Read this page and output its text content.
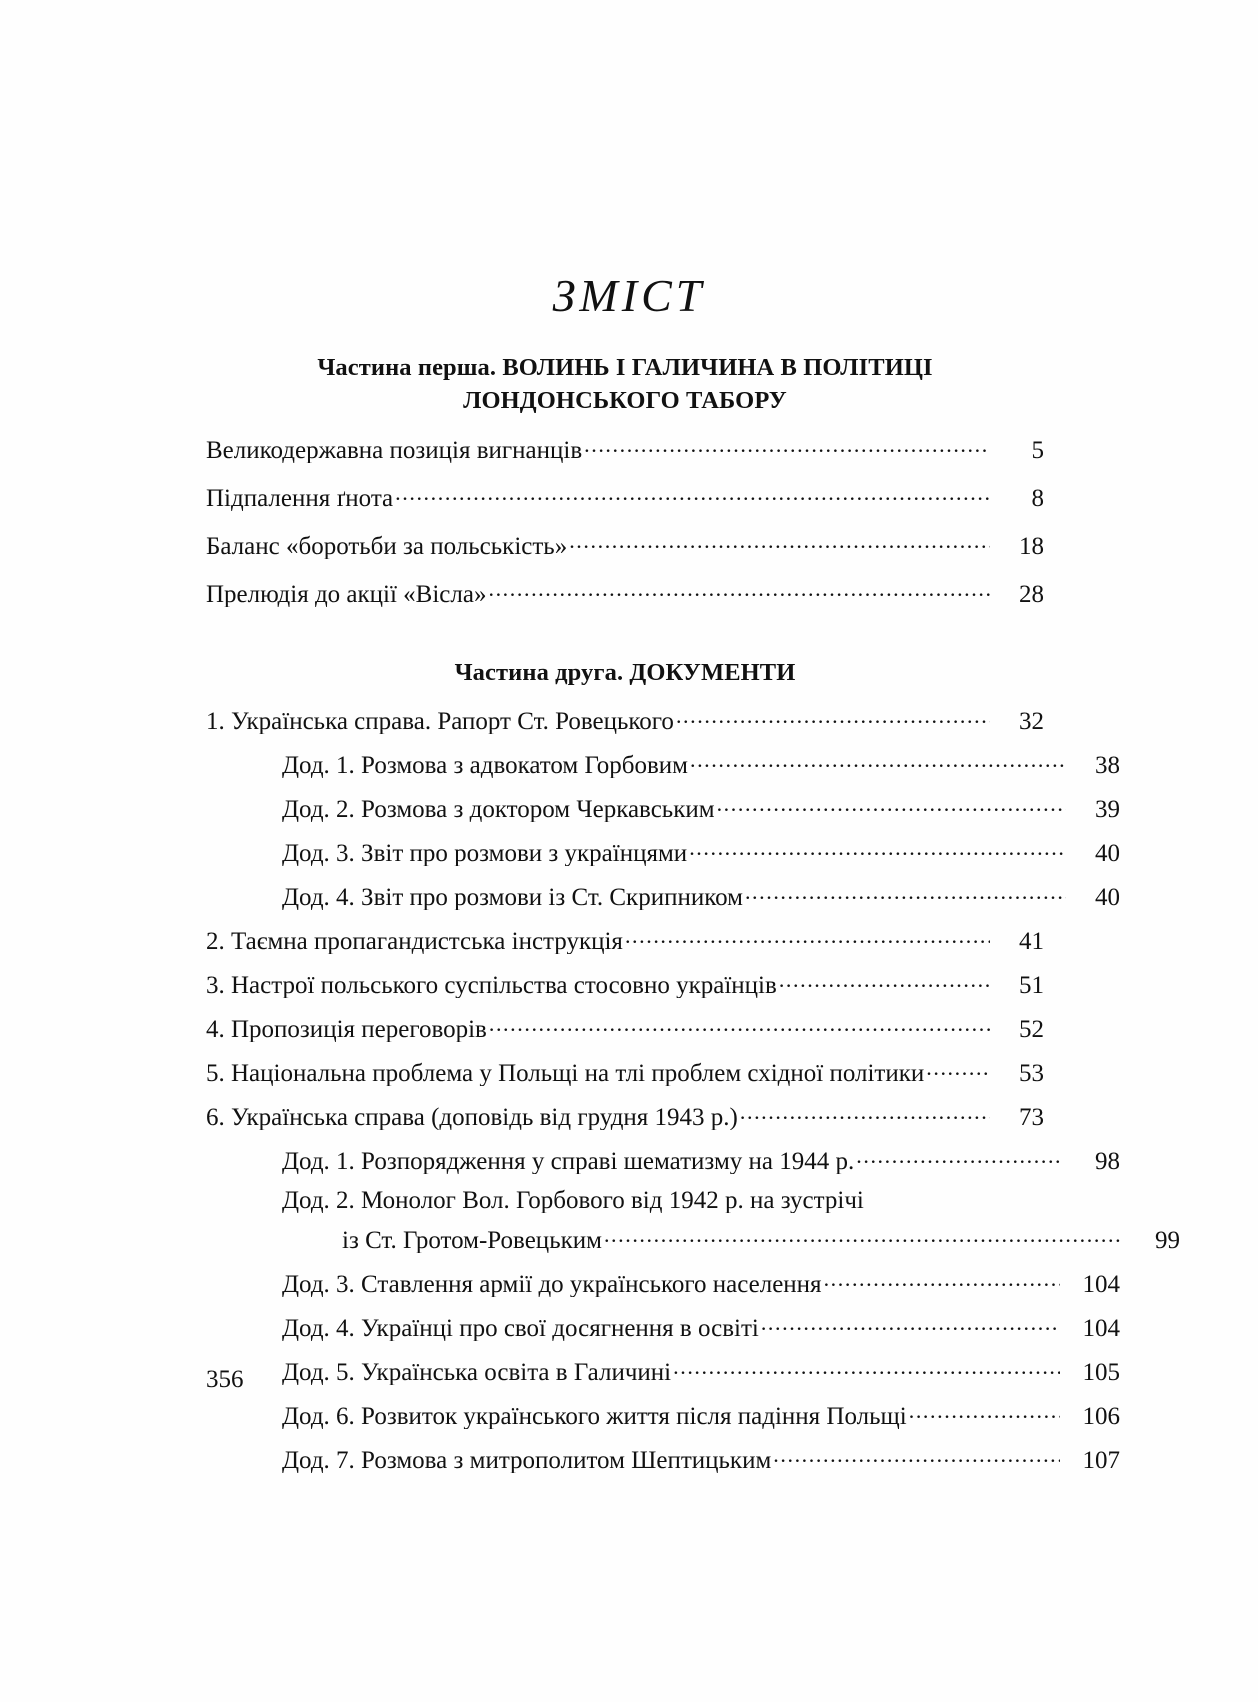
ЗМІСТ
Частина перша. ВОЛИНЬ І ГАЛИЧИНА В ПОЛІТИЦІ
ЛОНДОНСЬКОГО ТАБОРУ
Великодержавна позиція вигнанців .....	5
Підпалення ґнота .....	8
Баланс «боротьби за польськість» .....	18
Прелюдія до акції «Вісла» .....	28
Частина друга. ДОКУМЕНТИ
1. Українська справа. Рапорт Ст. Ровецького .....	32
Дод. 1. Розмова з адвокатом Горбовим .....	38
Дод. 2. Розмова з доктором Черкавським .....	39
Дод. 3. Звіт про розмови з українцями .....	40
Дод. 4. Звіт про розмови із Ст. Скрипником .....	40
2. Таємна пропагандистська інструкція .....	41
3. Настрої польського суспільства стосовно українців .....	51
4. Пропозиція переговорів .....	52
5. Національна проблема у Польщі на тлі проблем східної політики .....	53
6. Українська справа (доповідь від грудня 1943 р.) .....	73
Дод. 1. Розпорядження у справі шематизму на 1944 р. .....	98
Дод. 2. Монолог Вол. Горбового від 1942 р. на зустрічі
із Ст. Гротом-Ровецьким .....	99
Дод. 3. Ставлення армії до українського населення .....	104
Дод. 4. Українці про свої досягнення в освіті .....	104
Дод. 5. Українська освіта в Галичині .....	105
Дод. 6. Розвиток українського життя після падіння Польщі .....	106
Дод. 7. Розмова з митрополитом Шептицьким .....	107
356
